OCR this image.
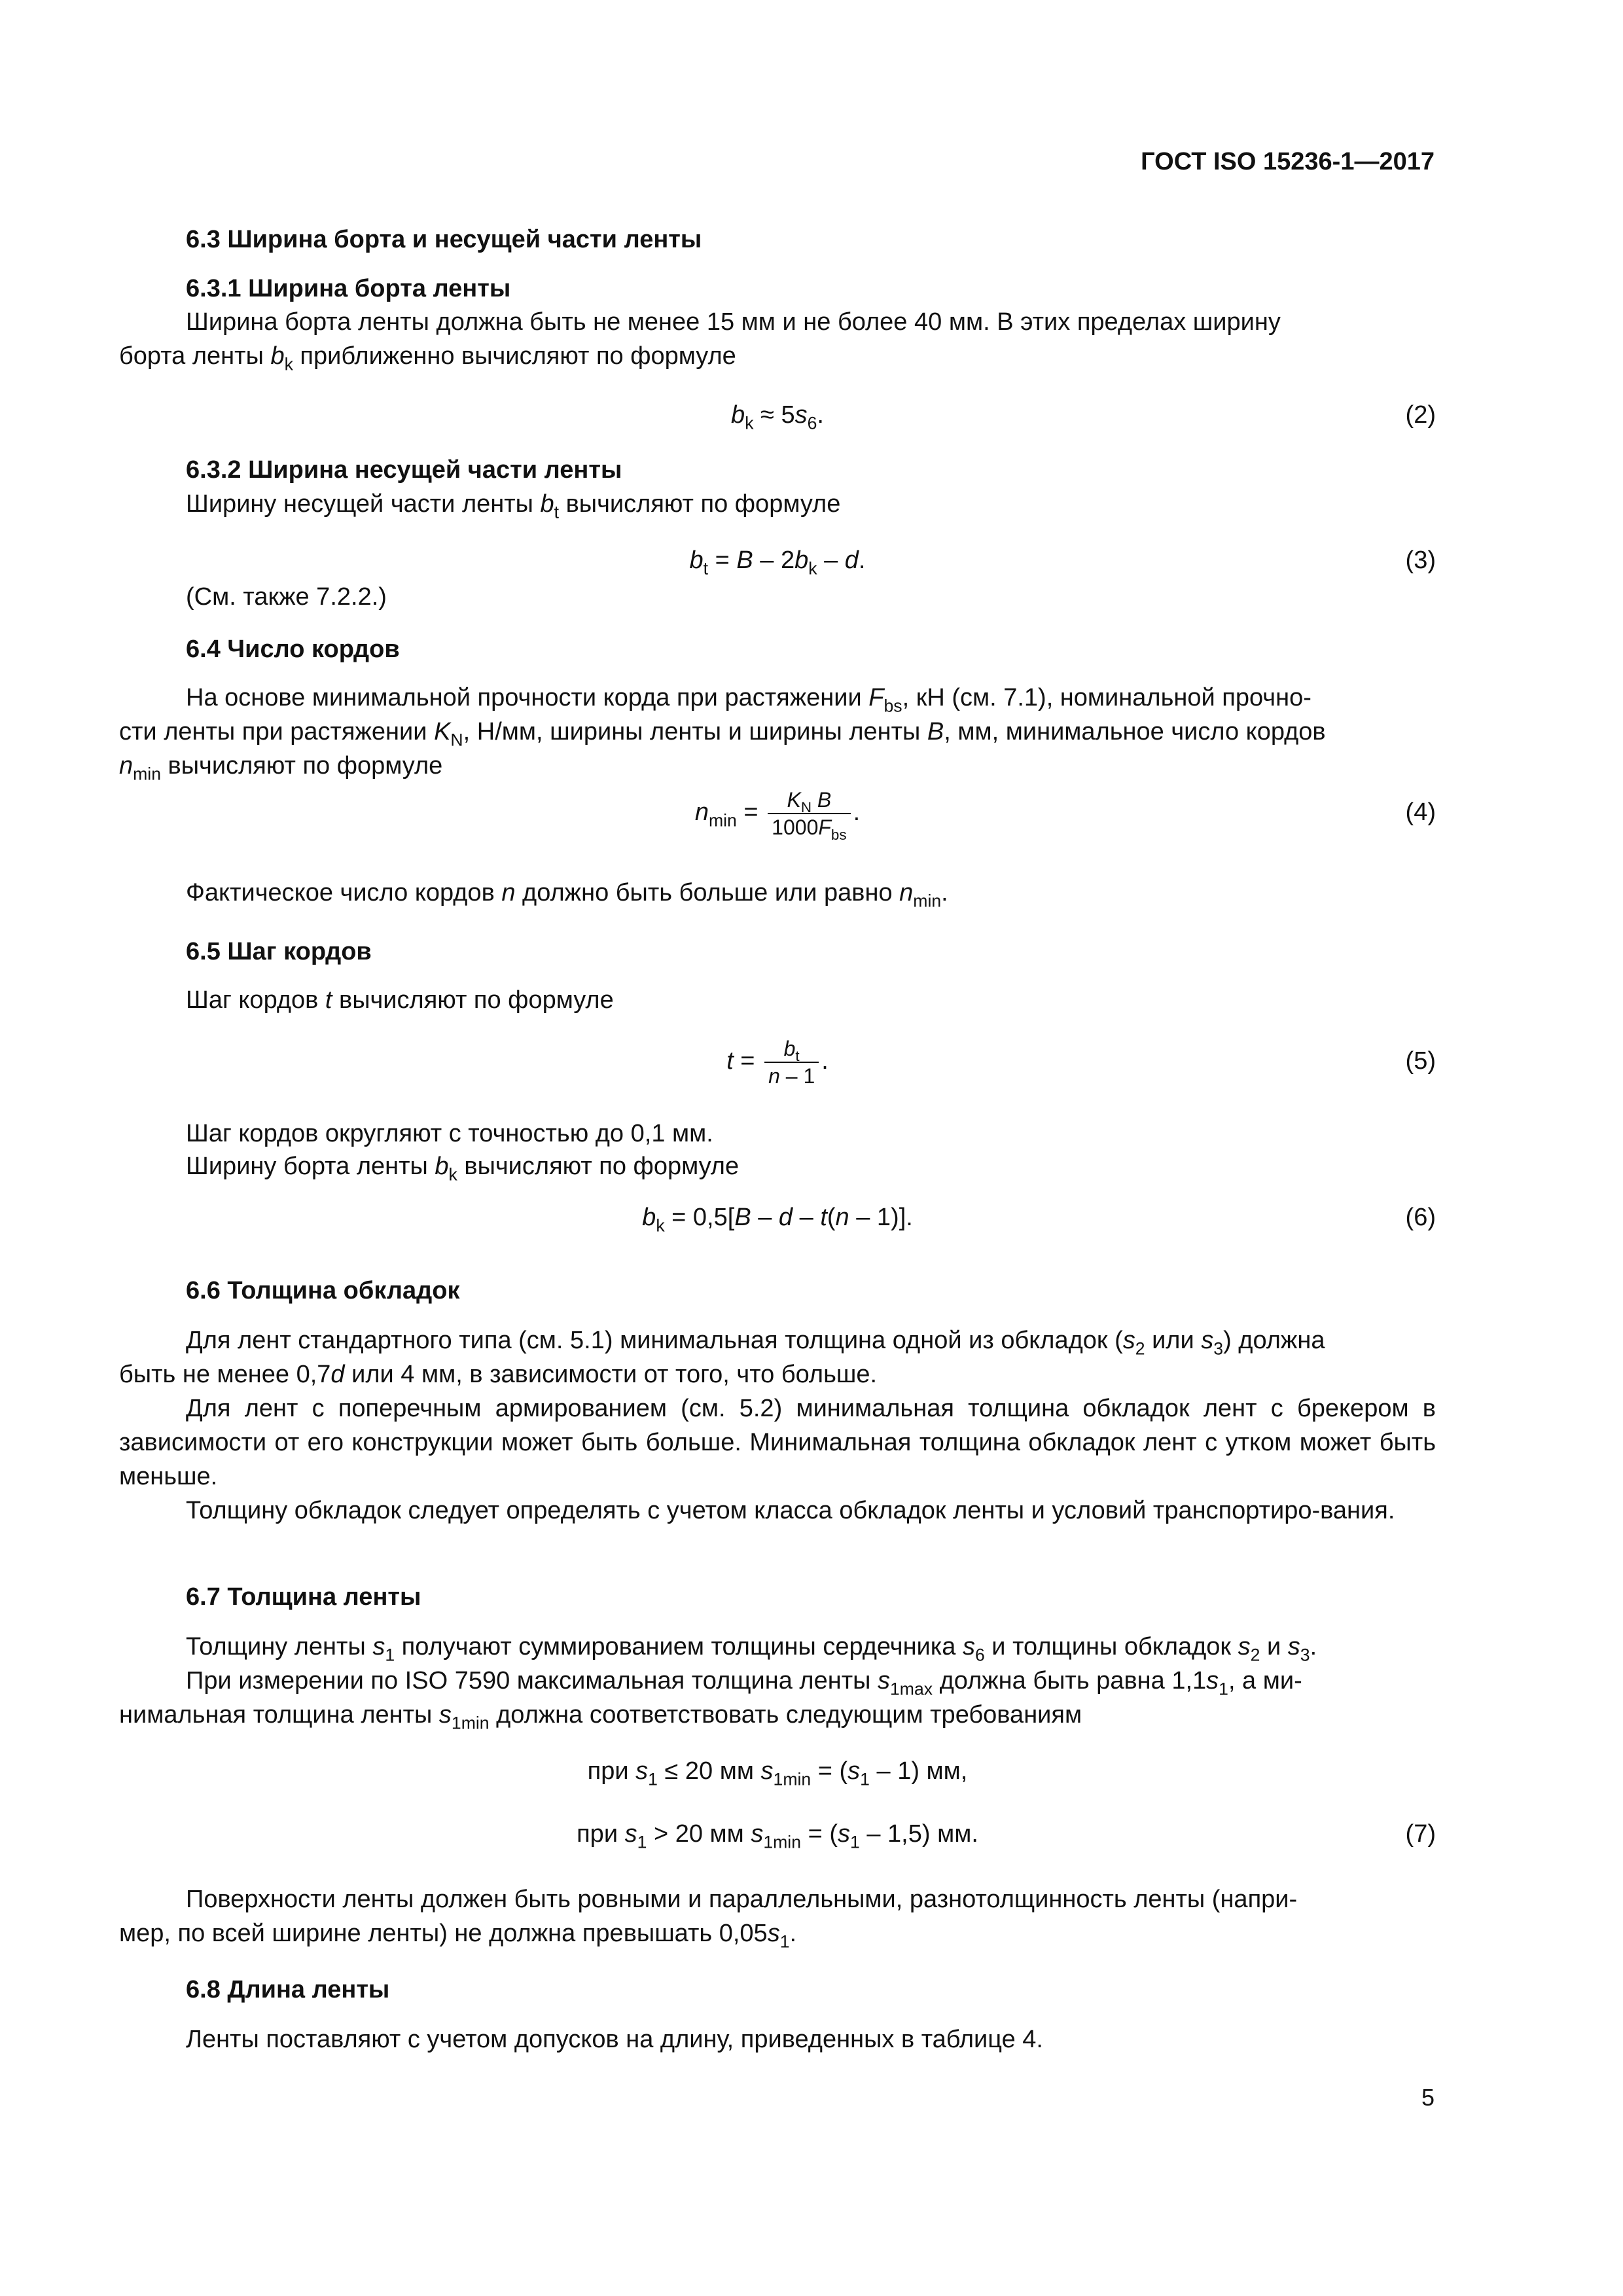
ГОСТ ISO 15236-1—2017
6.3 Ширина борта и несущей части ленты
6.3.1 Ширина борта ленты
Ширина борта ленты должна быть не менее 15 мм и не более 40 мм. В этих пределах ширину
борта ленты $b_k$ приближенно вычисляют по формуле
$b_k \approx 5s_6$.	(2)
6.3.2 Ширина несущей части ленты
Ширину несущей части ленты $b_t$ вычисляют по формуле
$b_t = B - 2b_k - d$.	(3)
(См. также 7.2.2.)
6.4 Число кордов
На основе минимальной прочности корда при растяжении $F_{bs}$, кН (см. 7.1), номинальной прочно-
сти ленты при растяжении $K_N$, Н/мм, ширины ленты и ширины ленты B, мм, минимальное число кордов
$n_{min}$ вычисляют по формуле
$n_{min} = \frac{K_N B}{1000F_{bs}}$ .	(4)
Фактическое число кордов n должно быть больше или равно $n_{min}$.
6.5 Шаг кордов
Шаг кордов t вычисляют по формуле
$t = \frac{b_t}{n - 1}$ .	(5)
Шаг кордов округляют с точностью до 0,1 мм.
Ширину борта ленты $b_k$ вычисляют по формуле
$b_k = 0,5[B - d - t(n - 1)]$.	(6)
6.6 Толщина обкладок
Для лент стандартного типа (см. 5.1) минимальная толщина одной из обкладок ($s_2$ или $s_3$) должна
быть не менее 0,7d или 4 мм, в зависимости от того, что больше.
Для лент с поперечным армированием (см. 5.2) минимальная толщина обкладок лент с брекером в зависимости от его конструкции может быть больше. Минимальная толщина обкладок лент с утком может быть меньше.
Толщину обкладок следует определять с учетом класса обкладок ленты и условий транспортиро-вания.
6.7 Толщина ленты
Толщину ленты $s_1$ получают суммированием толщины сердечника $s_6$ и толщины обкладок $s_2$ и $s_3$.
При измерении по ISO 7590 максимальная толщина ленты $s_{1max}$ должна быть равна $1,1s_1$, а ми-
нимальная толщина ленты $s_{1min}$ должна соответствовать следующим требованиям
при $s_1 \le 20$ мм $s_{1min} = (s_1 - 1)$ мм,
при $s_1 > 20$ мм $s_{1min} = (s_1 - 1,5)$ мм.	(7)
Поверхности ленты должен быть ровными и параллельными, разнотолщинность ленты (напри-
мер, по всей ширине ленты) не должна превышать $0,05s_1$.
6.8 Длина ленты
Ленты поставляют с учетом допусков на длину, приведенных в таблице 4.
5
